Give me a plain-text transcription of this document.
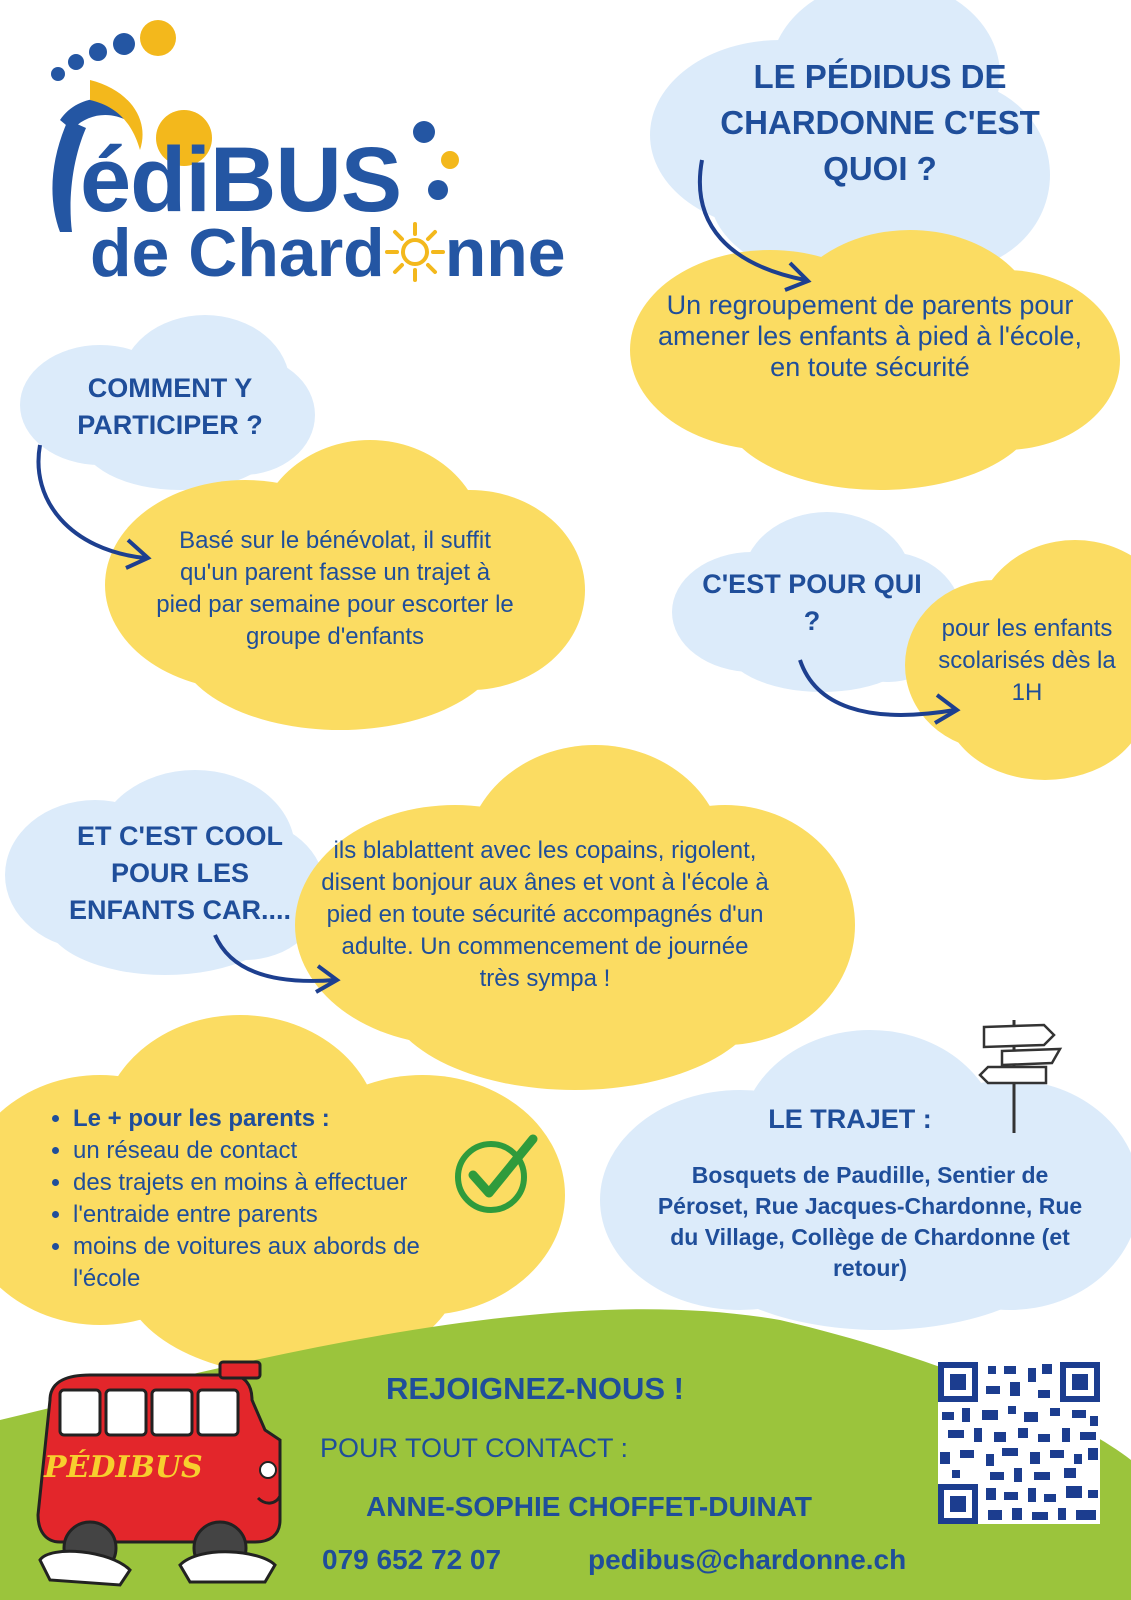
édiBUS
de Chard nne
LE PÉDIDUS DE CHARDONNE C'EST QUOI ?
Un regroupement de parents pour amener les enfants à pied à l'école, en toute sécurité
COMMENT Y PARTICIPER ?
Basé sur le bénévolat, il suffit qu'un parent fasse un trajet à pied par semaine pour escorter le groupe d'enfants
C'EST POUR QUI ?	pour les enfants scolarisés dès la 1H
ET C'EST COOL POUR LES ENFANTS CAR....
ils blablattent avec les copains, rigolent, disent bonjour aux ânes et vont à l'école à pied en toute sécurité accompagnés d'un adulte. Un commencement de journée très sympa !
• Le + pour les parents :
• un réseau de contact
• des trajets en moins à effectuer
• l'entraide entre parents
• moins de voitures aux abords de l'école
LE TRAJET :
Bosquets de Paudille, Sentier de Péroset, Rue Jacques-Chardonne, Rue du Village, Collège de Chardonne (et retour)
REJOIGNEZ-NOUS !
POUR TOUT CONTACT :
ANNE-SOPHIE CHOFFET-DUINAT
079 652 72 07	pedibus@chardonne.ch
PÉDIBUS
